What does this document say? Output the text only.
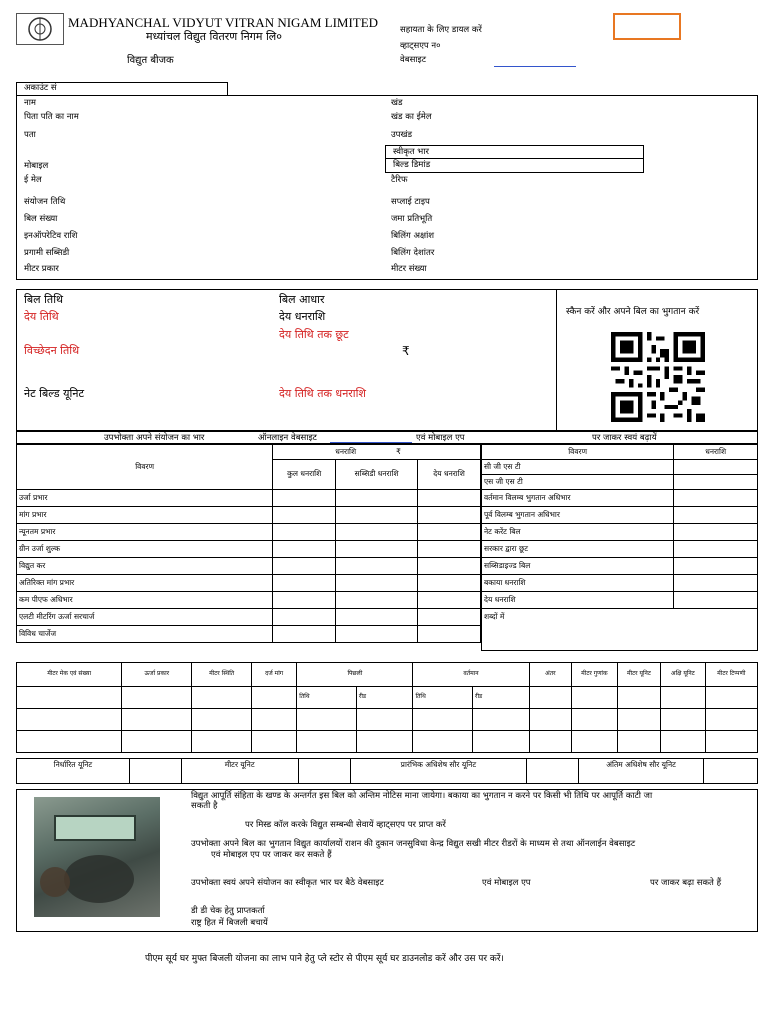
MADHYANCHAL VIDYUT VITRAN NIGAM LIMITED
मध्यांचल विद्युत वितरण निगम लि०
विद्युत बीजक
सहायता के लिए डायल करें
व्हाट्सएप न०
वेबसाइट
अकाउंट सं
नाम
पिता पति का नाम
पता
मोबाइल
ई मेल
संयोजन तिथि
बिल संख्या
इनऑपरेटिव राशि
प्रगामी सब्सिडी
मीटर प्रकार
खंड
खंड का ईमेल
उपखंड
स्वीकृत भार
बिल्ड डिमांड
टैरिफ
सप्लाई टाइप
जमा प्रतिभूति
बिलिंग अक्षांश
बिलिंग देशांतर
मीटर संख्या
बिल तिथि
देय तिथि
विच्छेदन तिथि
नेट बिल्ड यूनिट
बिल आधार
देय धनराशि
देय तिथि तक छूट
₹
देय तिथि तक धनराशि
स्कैन करें और अपने बिल का भुगतान करें
उपभोक्ता अपने संयोजन का भार	ऑनलाइन वेबसाइट	एवं मोबाइल एप	पर जाकर स्वयं बढ़ायें
विवरण	धनराशि ₹		
	कुल धनराशि	सब्सिडी धनराशि	देय धनराशि
उर्जा प्रभार			
मांग प्रभार			
न्यूनतम प्रभार			
ग्रीन उर्जा शुल्क			
विद्युत कर			
अतिरिक्त मांग प्रभार			
कम पीएफ अधिभार			
एलटी मीटरिंग ऊर्जा सरचार्ज			
विविध चार्जेज			
विवरण	धनराशि
सी जी एस टी	
एस जी एस टी	
वर्तमान विलम्ब भुगतान अधिभार	
पूर्व विलम्ब भुगतान अधिभार	
नेट करेंट बिल	
सरकार द्वारा छूट	
सब्सिडाइज्ड बिल	
बकाया धनराशि	
देय धनराशि	
शब्दों में	
मीटर मेक एवं संख्या	ऊर्जा प्रकार	मीटर स्थिति	दर्ज मांग	पिछली		वर्तमान		अंतर	मीटर गुणांक	मीटर यूनिट	अक्षि यूनिट	मीटर टिप्पणी
				तिथि	रीड	तिथि	रीड					

निर्धारित यूनिट		मीटर यूनिट		प्रारंभिक अधिशेष सौर यूनिट		अंतिम अधिशेष सौर यूनिट	
विद्युत आपूर्ति संहिता के खण्ड के अन्तर्गत इस बिल को अन्तिम नोटिस माना जायेगा। बकाया का भुगतान न करने पर किसी भी तिथि पर आपूर्ति काटी जा
सकती है
पर मिस्ड कॉल करके विद्युत सम्बन्धी सेवायें व्हाट्सएप पर प्राप्त करें
उपभोक्ता अपने बिल का भुगतान विद्युत कार्यालयों राशन की दुकान जनसुविधा केन्द्र विद्युत सखी मीटर रीडरों के माध्यम से तथा ऑनलाईन वेबसाइट
एवं मोबाइल एप पर जाकर कर सकते हैं
उपभोक्ता स्वयं अपने संयोजन का स्वीकृत भार घर बैठे वेबसाइट	एवं मोबाइल एप	पर जाकर बढ़ा सकते हैं
डी डी चेक हेतु प्राप्तकर्ता
राष्ट्र हित में बिजली बचायें
पीएम सूर्य घर मुफ्त बिजली योजना का लाभ पाने हेतु प्ले स्टोर से पीएम सूर्य घर डाउनलोड करें और उस पर करें।
